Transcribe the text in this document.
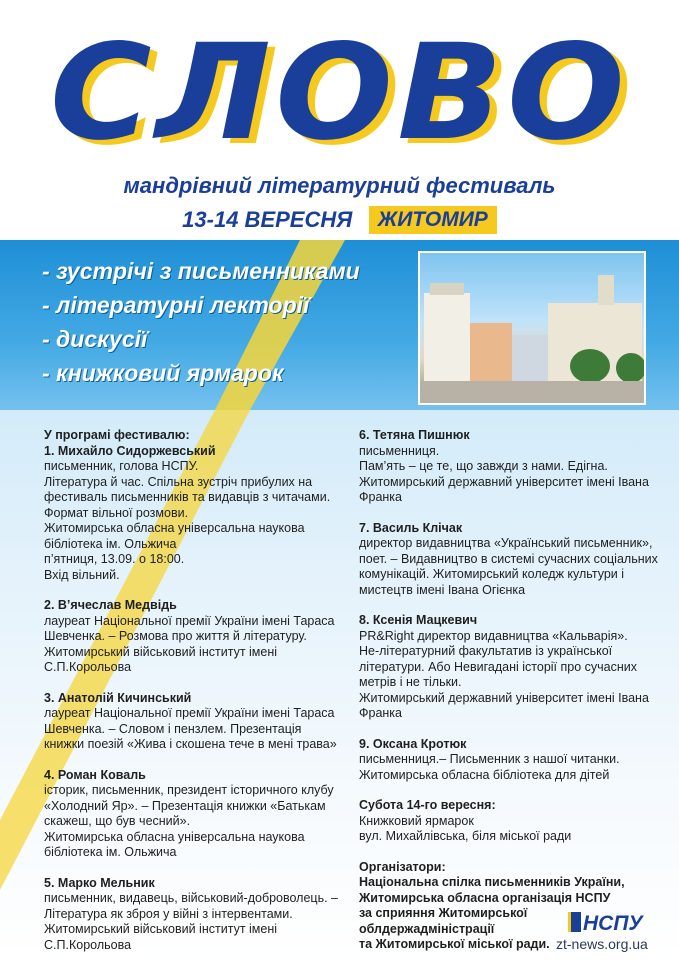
СЛОВО
мандрівний літературний фестиваль
13-14 ВЕРЕСНЯ ЖИТОМИР
- зустрічі з письменниками
- літературні лекторії
- дискусії
- книжковий ярмарок

У програмі фестивалю:

1. Михайло Сидоржевський

письменник, голова НСПУ.

Література й час. Спільна зустріч прибулих на фестиваль письменників та видавців з читачами.

Формат вільної розмови.

Житомирська обласна універсальна наукова бібліотека ім. Ольжича

п’ятниця, 13.09. о 18:00.

Вхід вільний.

2. В’ячеслав Медвідь

лауреат Національної премії України імені Тараса Шевченка. – Розмова про життя й літературу.

Житомирський військовий інститут імені С.П.Корольова

3. Анатолій Кичинський

лауреат Національної премії України імені Тараса Шевченка. – Словом і пензлем. Презентація книжки поезій «Жива і скошена тече в мені трава»

4. Роман Коваль

історик, письменник, президент історичного клубу «Холодний Яр». – Презентація книжки «Батькам скажеш, що був чесний».

Житомирська обласна універсальна наукова бібліотека ім. Ольжича

5. Марко Мельник

письменник, видавець, військовий-доброволець. – Література як зброя у війні з інтервентами.

Житомирський військовий інститут імені С.П.Корольова

6. Тетяна Пишнюк

письменниця.

Пам’ять – це те, що завжди з нами. Едігна.

Житомирський державний університет імені Івана Франка

7. Василь Клічак

директор видавництва «Український письменник», поет. – Видавництво в системі сучасних соціальних комунікацій. Житомирський коледж культури і мистецтв імені Івана Огієнка

8. Ксенія Мацкевич

PR&Right директор видавництва «Кальварія».

Не-літературний факультатив із української літератури. Або Невигадані історії про сучасних метрів і не тільки.

Житомирський державний університет імені Івана Франка

9. Оксана Кротюк

письменниця.– Письменник з нашої читанки.

Житомирська обласна бібліотека для дітей

Субота 14-го вересня:

Книжковий ярмарок

вул. Михайлівська, біля міської ради

Організатори:

Національна спілка письменників України,

Житомирська обласна організація НСПУ

за сприяння Житомирської облдержадміністрації

та Житомирської міської ради.

НСПУ
zt-news.org.ua
